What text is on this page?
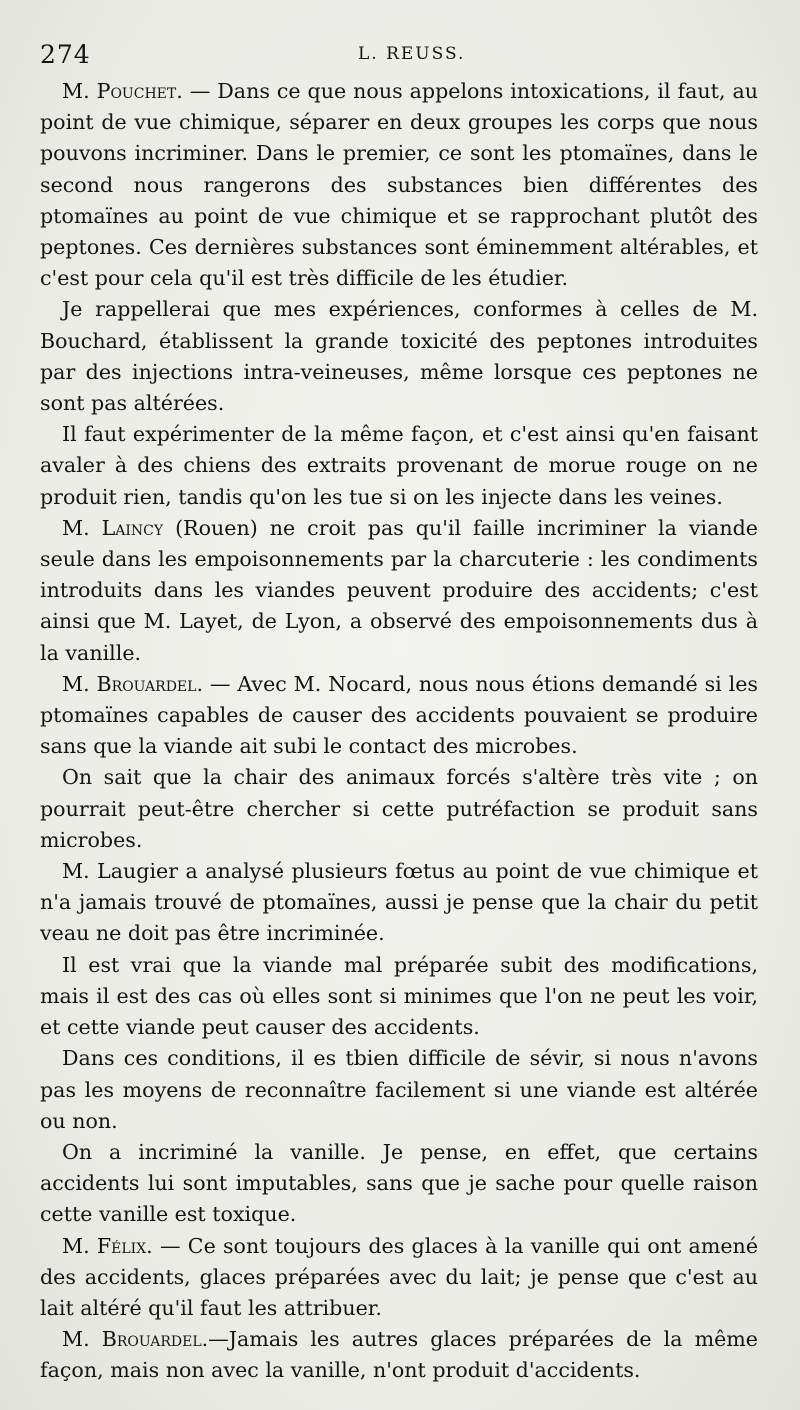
274	L. REUSS.

M. Pouchet. — Dans ce que nous appelons intoxications, il faut, au point de vue chimique, séparer en deux groupes les corps que nous pouvons incriminer. Dans le premier, ce sont les ptomaïnes, dans le second nous rangerons des substances bien différentes des ptomaïnes au point de vue chimique et se rapprochant plutôt des peptones. Ces dernières substances sont éminemment altérables, et c'est pour cela qu'il est très difficile de les étudier.

Je rappellerai que mes expériences, conformes à celles de M. Bouchard, établissent la grande toxicité des peptones introduites par des injections intra-veineuses, même lorsque ces peptones ne sont pas altérées.

Il faut expérimenter de la même façon, et c'est ainsi qu'en faisant avaler à des chiens des extraits provenant de morue rouge on ne produit rien, tandis qu'on les tue si on les injecte dans les veines.

M. Laincy (Rouen) ne croit pas qu'il faille incriminer la viande seule dans les empoisonnements par la charcuterie : les condiments introduits dans les viandes peuvent produire des accidents; c'est ainsi que M. Layet, de Lyon, a observé des empoisonnements dus à la vanille.

M. Brouardel. — Avec M. Nocard, nous nous étions demandé si les ptomaïnes capables de causer des accidents pouvaient se produire sans que la viande ait subi le contact des microbes.

On sait que la chair des animaux forcés s'altère très vite ; on pourrait peut-être chercher si cette putréfaction se produit sans microbes.

M. Laugier a analysé plusieurs fœtus au point de vue chimique et n'a jamais trouvé de ptomaïnes, aussi je pense que la chair du petit veau ne doit pas être incriminée.

Il est vrai que la viande mal préparée subit des modifications, mais il est des cas où elles sont si minimes que l'on ne peut les voir, et cette viande peut causer des accidents.

Dans ces conditions, il es tbien difficile de sévir, si nous n'avons pas les moyens de reconnaître facilement si une viande est altérée ou non.

On a incriminé la vanille. Je pense, en effet, que certains accidents lui sont imputables, sans que je sache pour quelle raison cette vanille est toxique.

M. Félix. — Ce sont toujours des glaces à la vanille qui ont amené des accidents, glaces préparées avec du lait; je pense que c'est au lait altéré qu'il faut les attribuer.

M. Brouardel.—Jamais les autres glaces préparées de la même façon, mais non avec la vanille, n'ont produit d'accidents.
